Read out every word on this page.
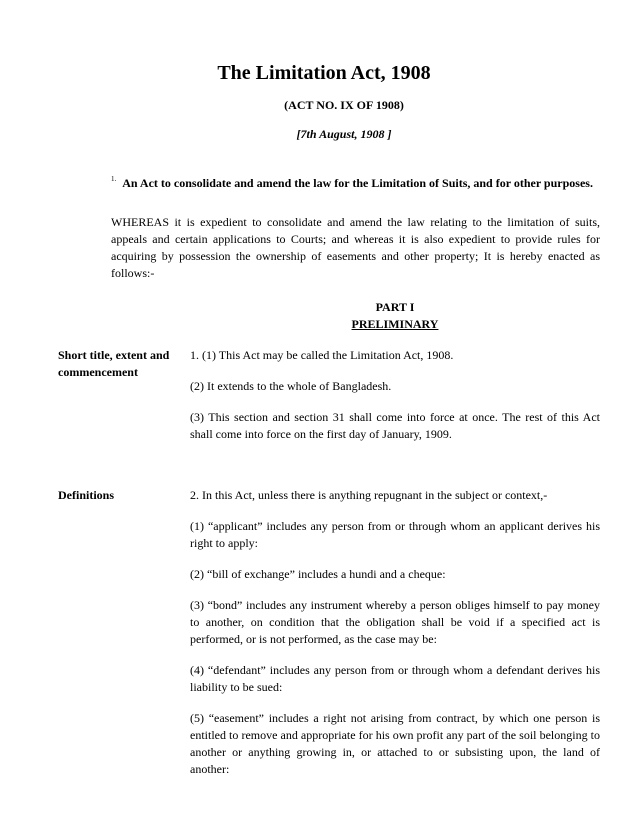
The Limitation Act, 1908
(ACT NO. IX OF 1908)
[7th August, 1908 ]
$^{1.}$ An Act to consolidate and amend the law for the Limitation of Suits, and for other purposes.
WHEREAS it is expedient to consolidate and amend the law relating to the limitation of suits, appeals and certain applications to Courts; and whereas it is also expedient to provide rules for acquiring by possession the ownership of easements and other property; It is hereby enacted as follows:-
PART I
PRELIMINARY
Short title, extent and commencement

1. (1) This Act may be called the Limitation Act, 1908.

(2) It extends to the whole of Bangladesh.

(3) This section and section 31 shall come into force at once. The rest of this Act shall come into force on the first day of January, 1909.

Definitions	2. In this Act, unless there is anything repugnant in the subject or context,-

(1) “applicant” includes any person from or through whom an applicant derives his right to apply:

(2) “bill of exchange” includes a hundi and a cheque:

(3) “bond” includes any instrument whereby a person obliges himself to pay money to another, on condition that the obligation shall be void if a specified act is performed, or is not performed, as the case may be:

(4) “defendant” includes any person from or through whom a defendant derives his liability to be sued:

(5) “easement” includes a right not arising from contract, by which one person is entitled to remove and appropriate for his own profit any part of the soil belonging to another or anything growing in, or attached to or subsisting upon, the land of another:
